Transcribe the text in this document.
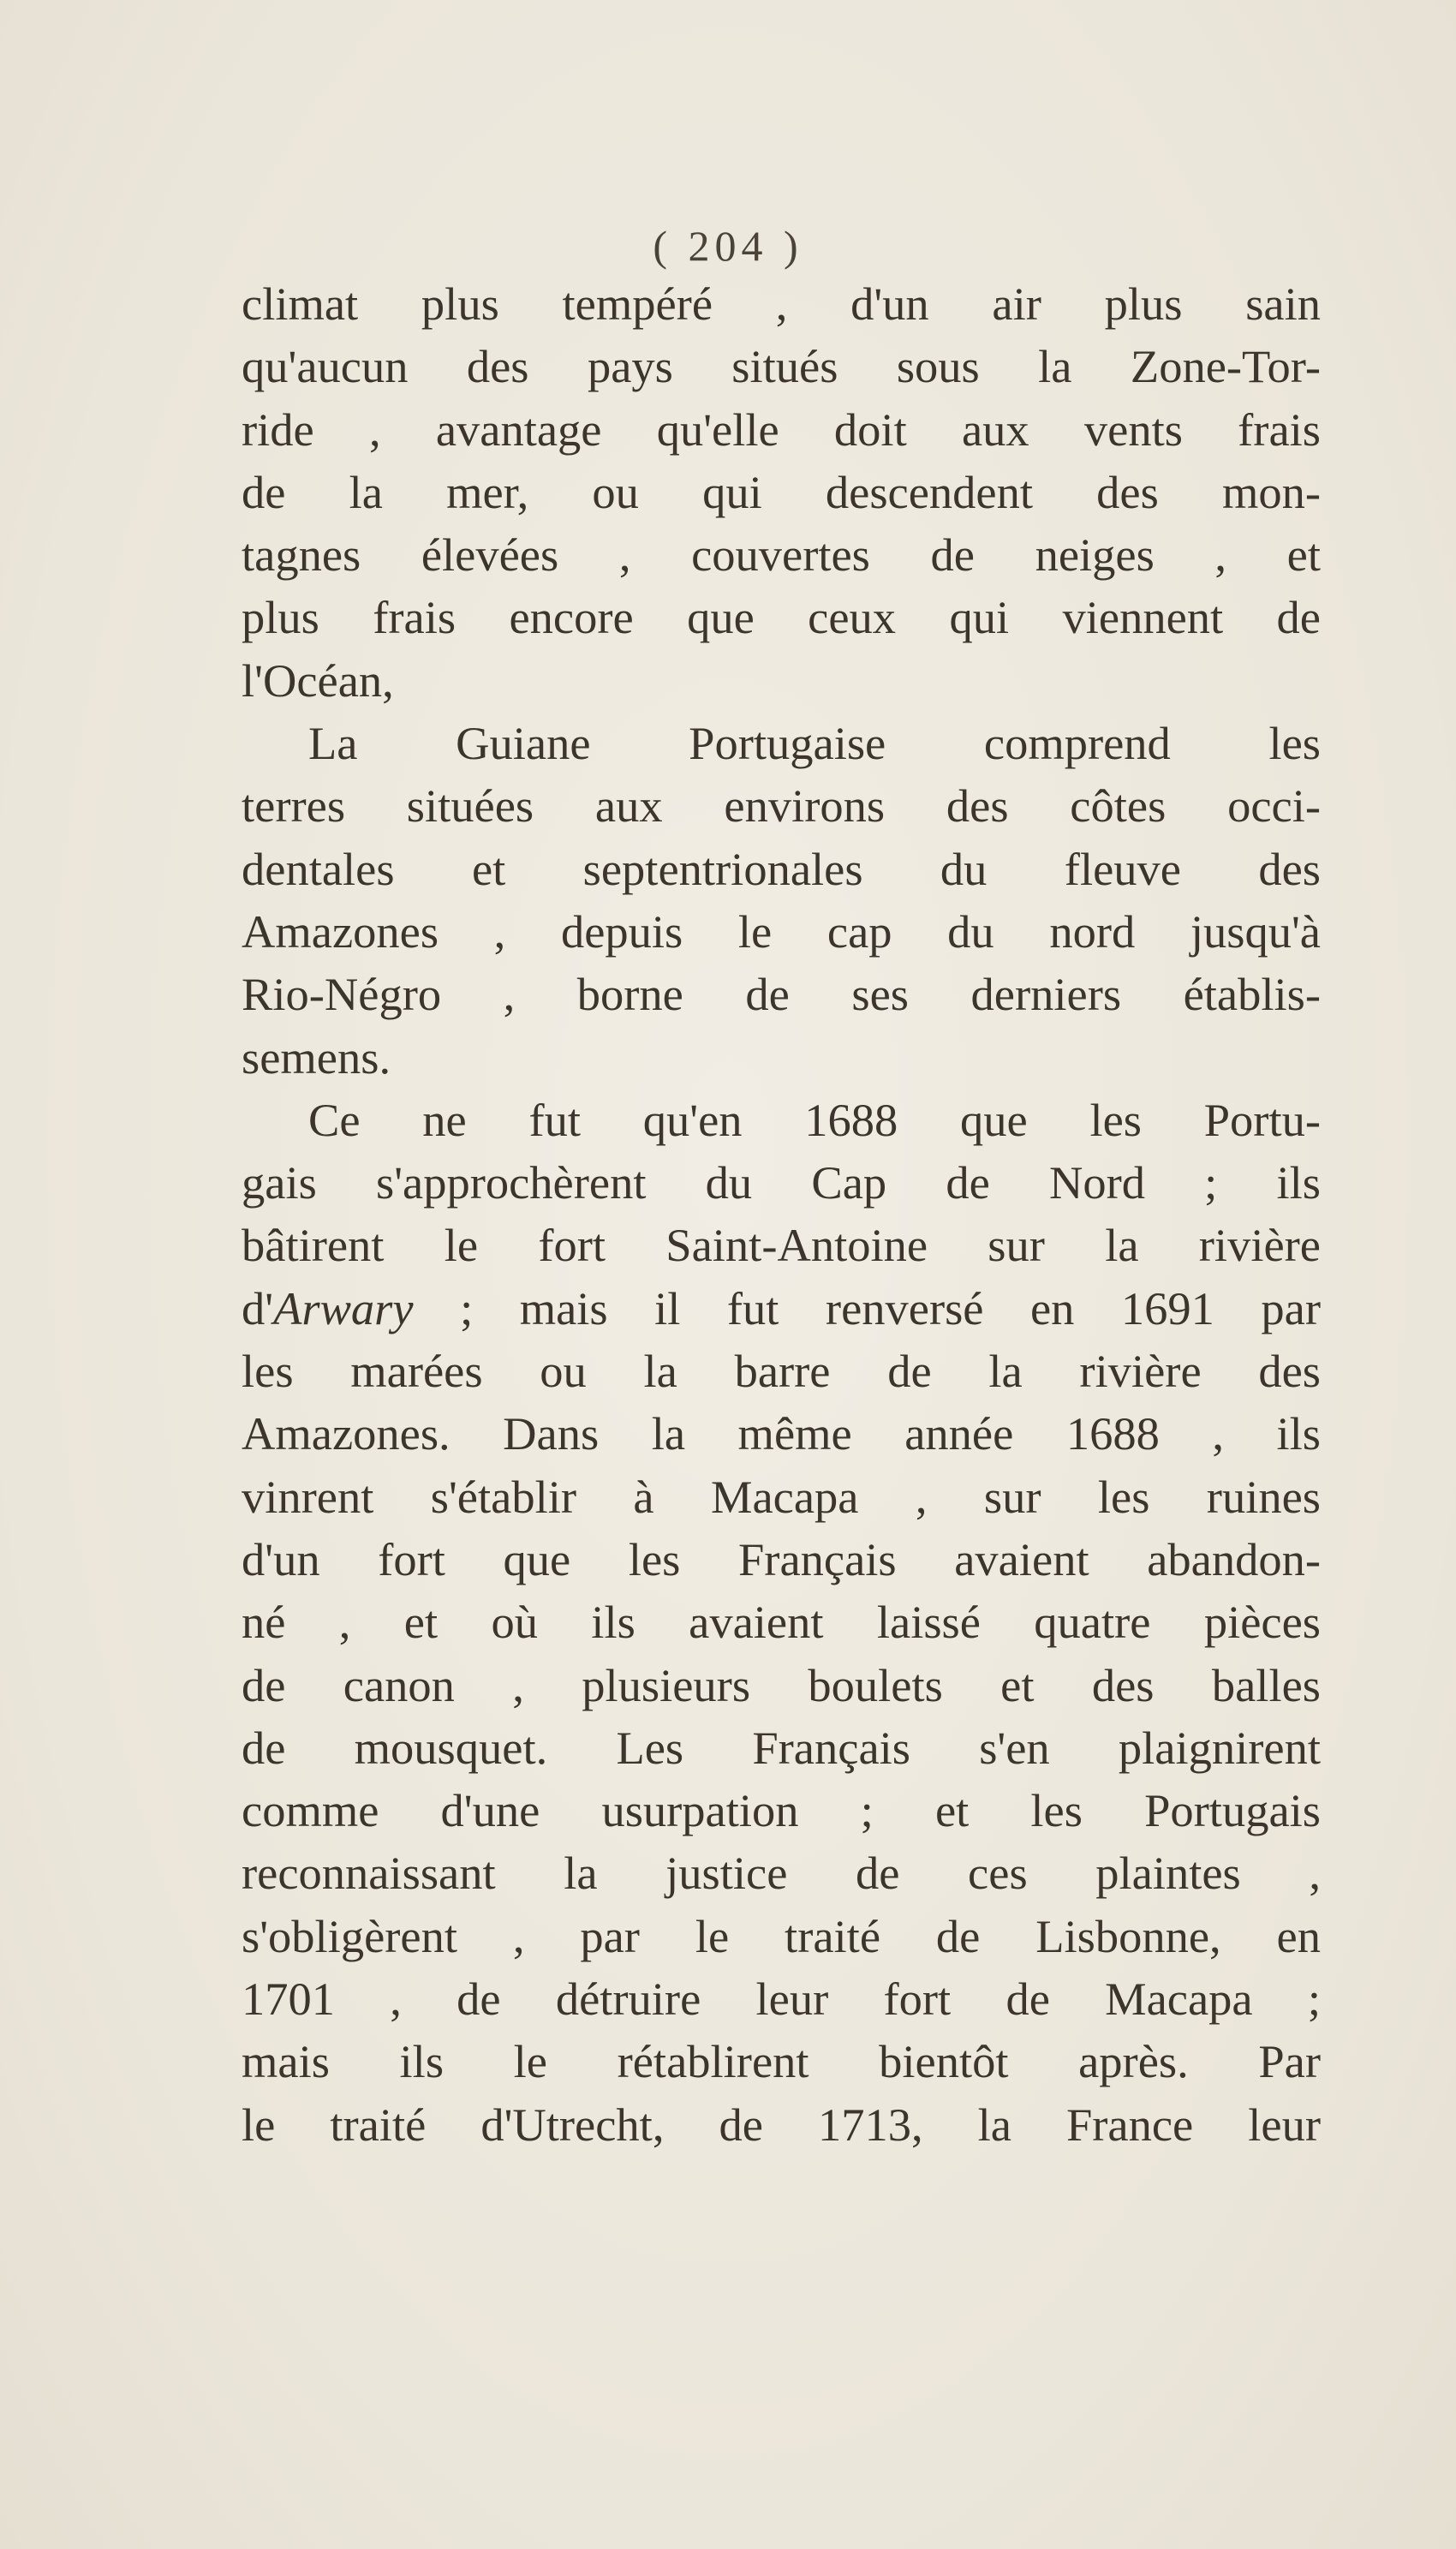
( 204 )
climat plus tempéré , d'un air plus sain
qu'aucun des pays situés sous la Zone-Tor-
ride , avantage qu'elle doit aux vents frais
de la mer, ou qui descendent des mon-
tagnes élevées , couvertes de neiges , et
plus frais encore que ceux qui viennent de
l'Océan,
La Guiane Portugaise comprend les
terres situées aux environs des côtes occi-
dentales et septentrionales du fleuve des
Amazones , depuis le cap du nord jusqu'à
Rio-Négro , borne de ses derniers établis-
semens.
Ce ne fut qu'en 1688 que les Portu-
gais s'approchèrent du Cap de Nord ; ils
bâtirent le fort Saint-Antoine sur la rivière
d'Arwary ; mais il fut renversé en 1691 par
les marées ou la barre de la rivière des
Amazones. Dans la même année 1688 , ils
vinrent s'établir à Macapa , sur les ruines
d'un fort que les Français avaient abandon-
né , et où ils avaient laissé quatre pièces
de canon , plusieurs boulets et des balles
de mousquet. Les Français s'en plaignirent
comme d'une usurpation ; et les Portugais
reconnaissant la justice de ces plaintes ,
s'obligèrent , par le traité de Lisbonne, en
1701 , de détruire leur fort de Macapa ;
mais ils le rétablirent bientôt après. Par
le traité d'Utrecht, de 1713, la France leur
